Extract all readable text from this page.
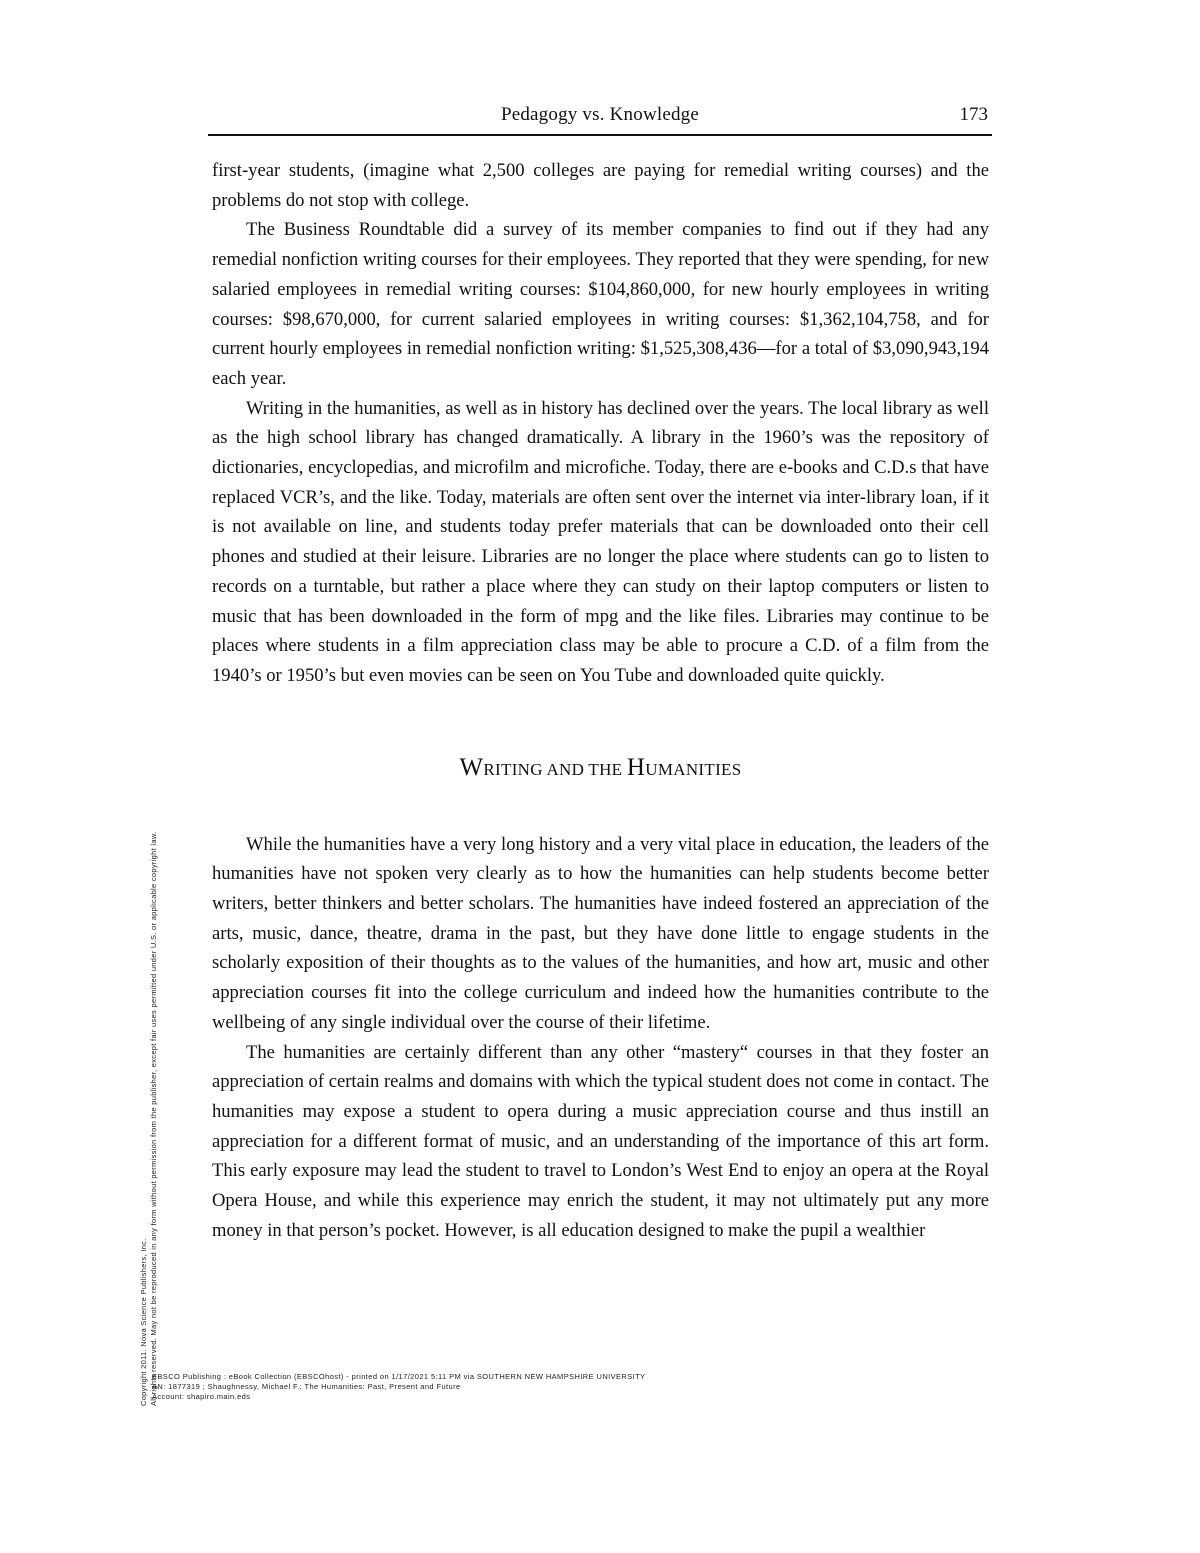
Pedagogy vs. Knowledge	173

first-year students, (imagine what 2,500 colleges are paying for remedial writing courses) and the problems do not stop with college.

The Business Roundtable did a survey of its member companies to find out if they had any remedial nonfiction writing courses for their employees. They reported that they were spending, for new salaried employees in remedial writing courses: $104,860,000, for new hourly employees in writing courses: $98,670,000, for current salaried employees in writing courses: $1,362,104,758, and for current hourly employees in remedial nonfiction writing: $1,525,308,436—for a total of $3,090,943,194 each year.

Writing in the humanities, as well as in history has declined over the years. The local library as well as the high school library has changed dramatically. A library in the 1960’s was the repository of dictionaries, encyclopedias, and microfilm and microfiche. Today, there are e-books and C.D.s that have replaced VCR’s, and the like. Today, materials are often sent over the internet via inter-library loan, if it is not available on line, and students today prefer materials that can be downloaded onto their cell phones and studied at their leisure. Libraries are no longer the place where students can go to listen to records on a turntable, but rather a place where they can study on their laptop computers or listen to music that has been downloaded in the form of mpg and the like files. Libraries may continue to be places where students in a film appreciation class may be able to procure a C.D. of a film from the 1940’s or 1950’s but even movies can be seen on You Tube and downloaded quite quickly.

WRITING AND THE HUMANITIES

While the humanities have a very long history and a very vital place in education, the leaders of the humanities have not spoken very clearly as to how the humanities can help students become better writers, better thinkers and better scholars. The humanities have indeed fostered an appreciation of the arts, music, dance, theatre, drama in the past, but they have done little to engage students in the scholarly exposition of their thoughts as to the values of the humanities, and how art, music and other appreciation courses fit into the college curriculum and indeed how the humanities contribute to the wellbeing of any single individual over the course of their lifetime.

The humanities are certainly different than any other “mastery“ courses in that they foster an appreciation of certain realms and domains with which the typical student does not come in contact. The humanities may expose a student to opera during a music appreciation course and thus instill an appreciation for a different format of music, and an understanding of the importance of this art form. This early exposure may lead the student to travel to London’s West End to enjoy an opera at the Royal Opera House, and while this experience may enrich the student, it may not ultimately put any more money in that person’s pocket. However, is all education designed to make the pupil a wealthier

EBSCO Publishing : eBook Collection (EBSCOhost) - printed on 1/17/2021 5:11 PM via SOUTHERN NEW HAMPSHIRE UNIVERSITY
AN: 1877319 ; Shaughnessy, Michael F.; The Humanities: Past, Present and Future
Account: shapiro.main.eds
Copyright 2011. Nova Science Publishers, Inc. All rights reserved. May not be reproduced in any form without permission from the publisher, except fair uses permitted under U.S. or applicable copyright law.
